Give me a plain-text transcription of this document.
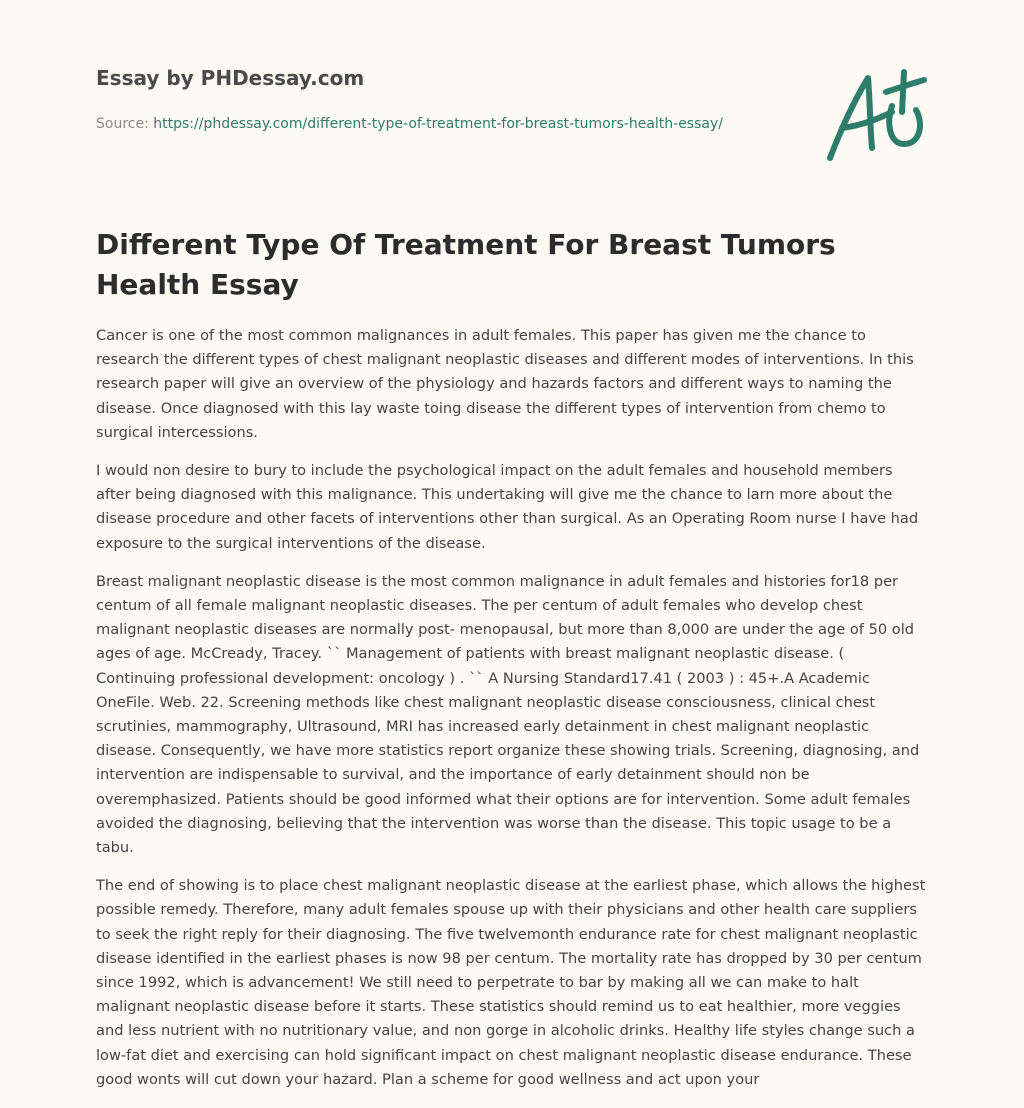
Essay by PHDessay.com
Source: https://phdessay.com/different-type-of-treatment-for-breast-tumors-health-essay/
Different Type Of Treatment For Breast Tumors Health Essay

Cancer is one of the most common malignances in adult females. This paper has given me the chance to research the different types of chest malignant neoplastic diseases and different modes of interventions. In this research paper will give an overview of the physiology and hazards factors and different ways to naming the disease. Once diagnosed with this lay waste toing disease the different types of intervention from chemo to surgical intercessions.

I would non desire to bury to include the psychological impact on the adult females and household members after being diagnosed with this malignance. This undertaking will give me the chance to larn more about the disease procedure and other facets of interventions other than surgical. As an Operating Room nurse I have had exposure to the surgical interventions of the disease.

Breast malignant neoplastic disease is the most common malignance in adult females and histories for18 per centum of all female malignant neoplastic diseases. The per centum of adult females who develop chest malignant neoplastic diseases are normally post- menopausal, but more than 8,000 are under the age of 50 old ages of age. McCready, Tracey. `` Management of patients with breast malignant neoplastic disease. ( Continuing professional development: oncology ) . `` A Nursing Standard17.41 ( 2003 ) : 45+.A Academic OneFile. Web. 22. Screening methods like chest malignant neoplastic disease consciousness, clinical chest scrutinies, mammography, Ultrasound, MRI has increased early detainment in chest malignant neoplastic disease. Consequently, we have more statistics report organize these showing trials. Screening, diagnosing, and intervention are indispensable to survival, and the importance of early detainment should non be overemphasized. Patients should be good informed what their options are for intervention. Some adult females avoided the diagnosing, believing that the intervention was worse than the disease. This topic usage to be a tabu.

The end of showing is to place chest malignant neoplastic disease at the earliest phase, which allows the highest possible remedy. Therefore, many adult females spouse up with their physicians and other health care suppliers to seek the right reply for their diagnosing. The five twelvemonth endurance rate for chest malignant neoplastic disease identified in the earliest phases is now 98 per centum. The mortality rate has dropped by 30 per centum since 1992, which is advancement! We still need to perpetrate to bar by making all we can make to halt malignant neoplastic disease before it starts. These statistics should remind us to eat healthier, more veggies and less nutrient with no nutritionary value, and non gorge in alcoholic drinks. Healthy life styles change such a low-fat diet and exercising can hold significant impact on chest malignant neoplastic disease endurance. These good wonts will cut down your hazard. Plan a scheme for good wellness and act upon your
